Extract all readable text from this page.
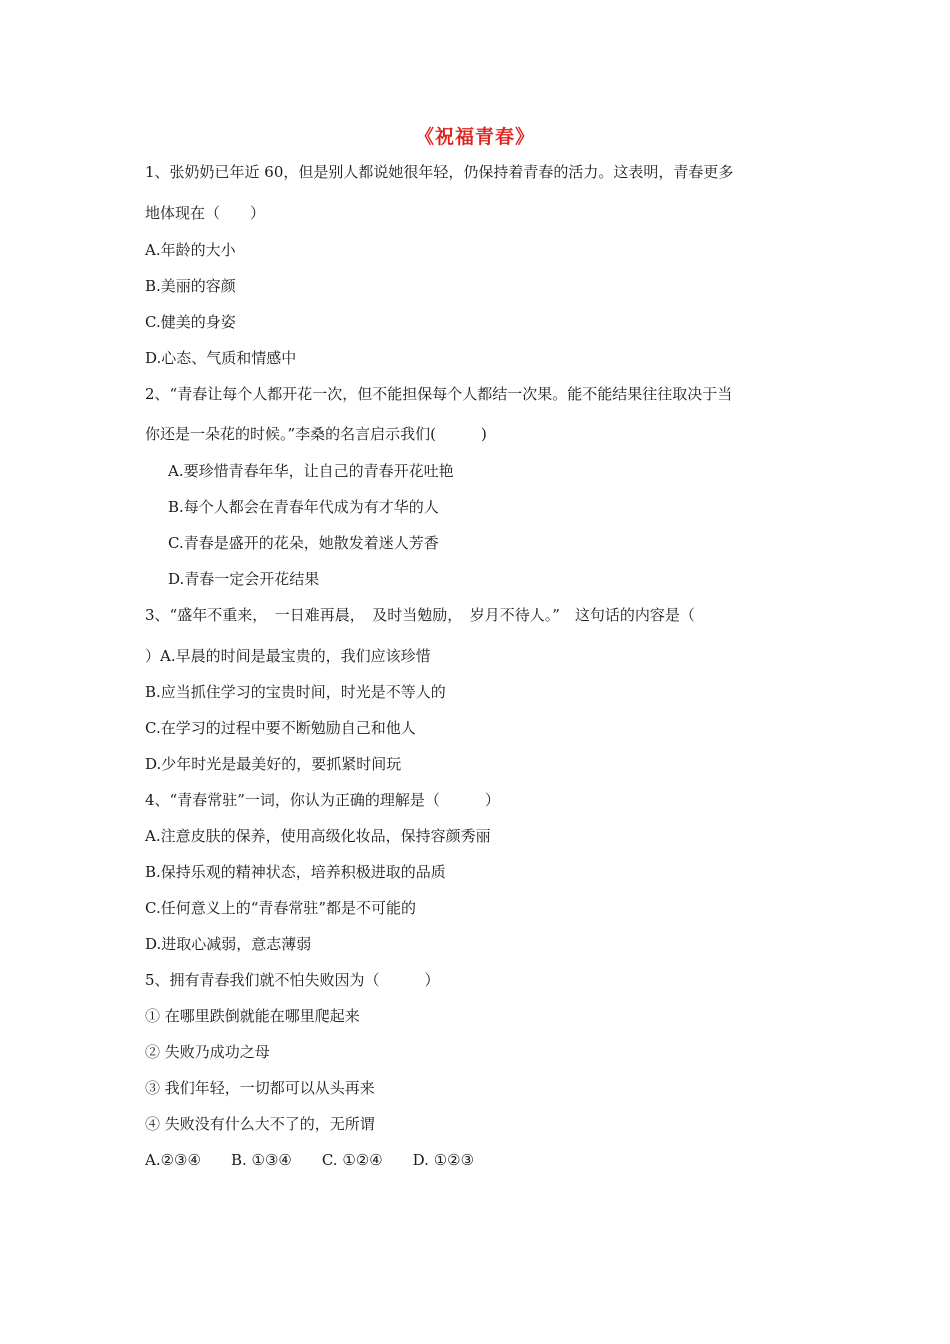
《祝福青春》
1、张奶奶已年近 60，但是别人都说她很年轻，仍保持着青春的活力。这表明，青春更多
地体现在（　　）
A.年龄的大小
B.美丽的容颜
C.健美的身姿
D.心态、气质和情感中
2、“青春让每个人都开花一次，但不能担保每个人都结一次果。能不能结果往往取决于当
你还是一朵花的时候。”李桑的名言启示我们(　　　)
A.要珍惜青春年华，让自己的青春开花吐艳
B.每个人都会在青春年代成为有才华的人
C.青春是盛开的花朵，她散发着迷人芳香
D.青春一定会开花结果
3、“盛年不重来，　一日难再晨，　及时当勉励，　岁月不待人。”　这句话的内容是（
）A.早晨的时间是最宝贵的，我们应该珍惜
B.应当抓住学习的宝贵时间，时光是不等人的
C.在学习的过程中要不断勉励自己和他人
D.少年时光是最美好的，要抓紧时间玩
4、“青春常驻”一词，你认为正确的理解是（　　　）
A.注意皮肤的保养，使用高级化妆品，保持容颜秀丽
B.保持乐观的精神状态，培养积极进取的品质
C.任何意义上的“青春常驻”都是不可能的
D.进取心减弱，意志薄弱
5、拥有青春我们就不怕失败因为（　　　）
① 在哪里跌倒就能在哪里爬起来
② 失败乃成功之母
③ 我们年轻，一切都可以从头再来
④ 失败没有什么大不了的，无所谓
A.②③④　　B. ①③④　　C. ①②④　　D. ①②③
